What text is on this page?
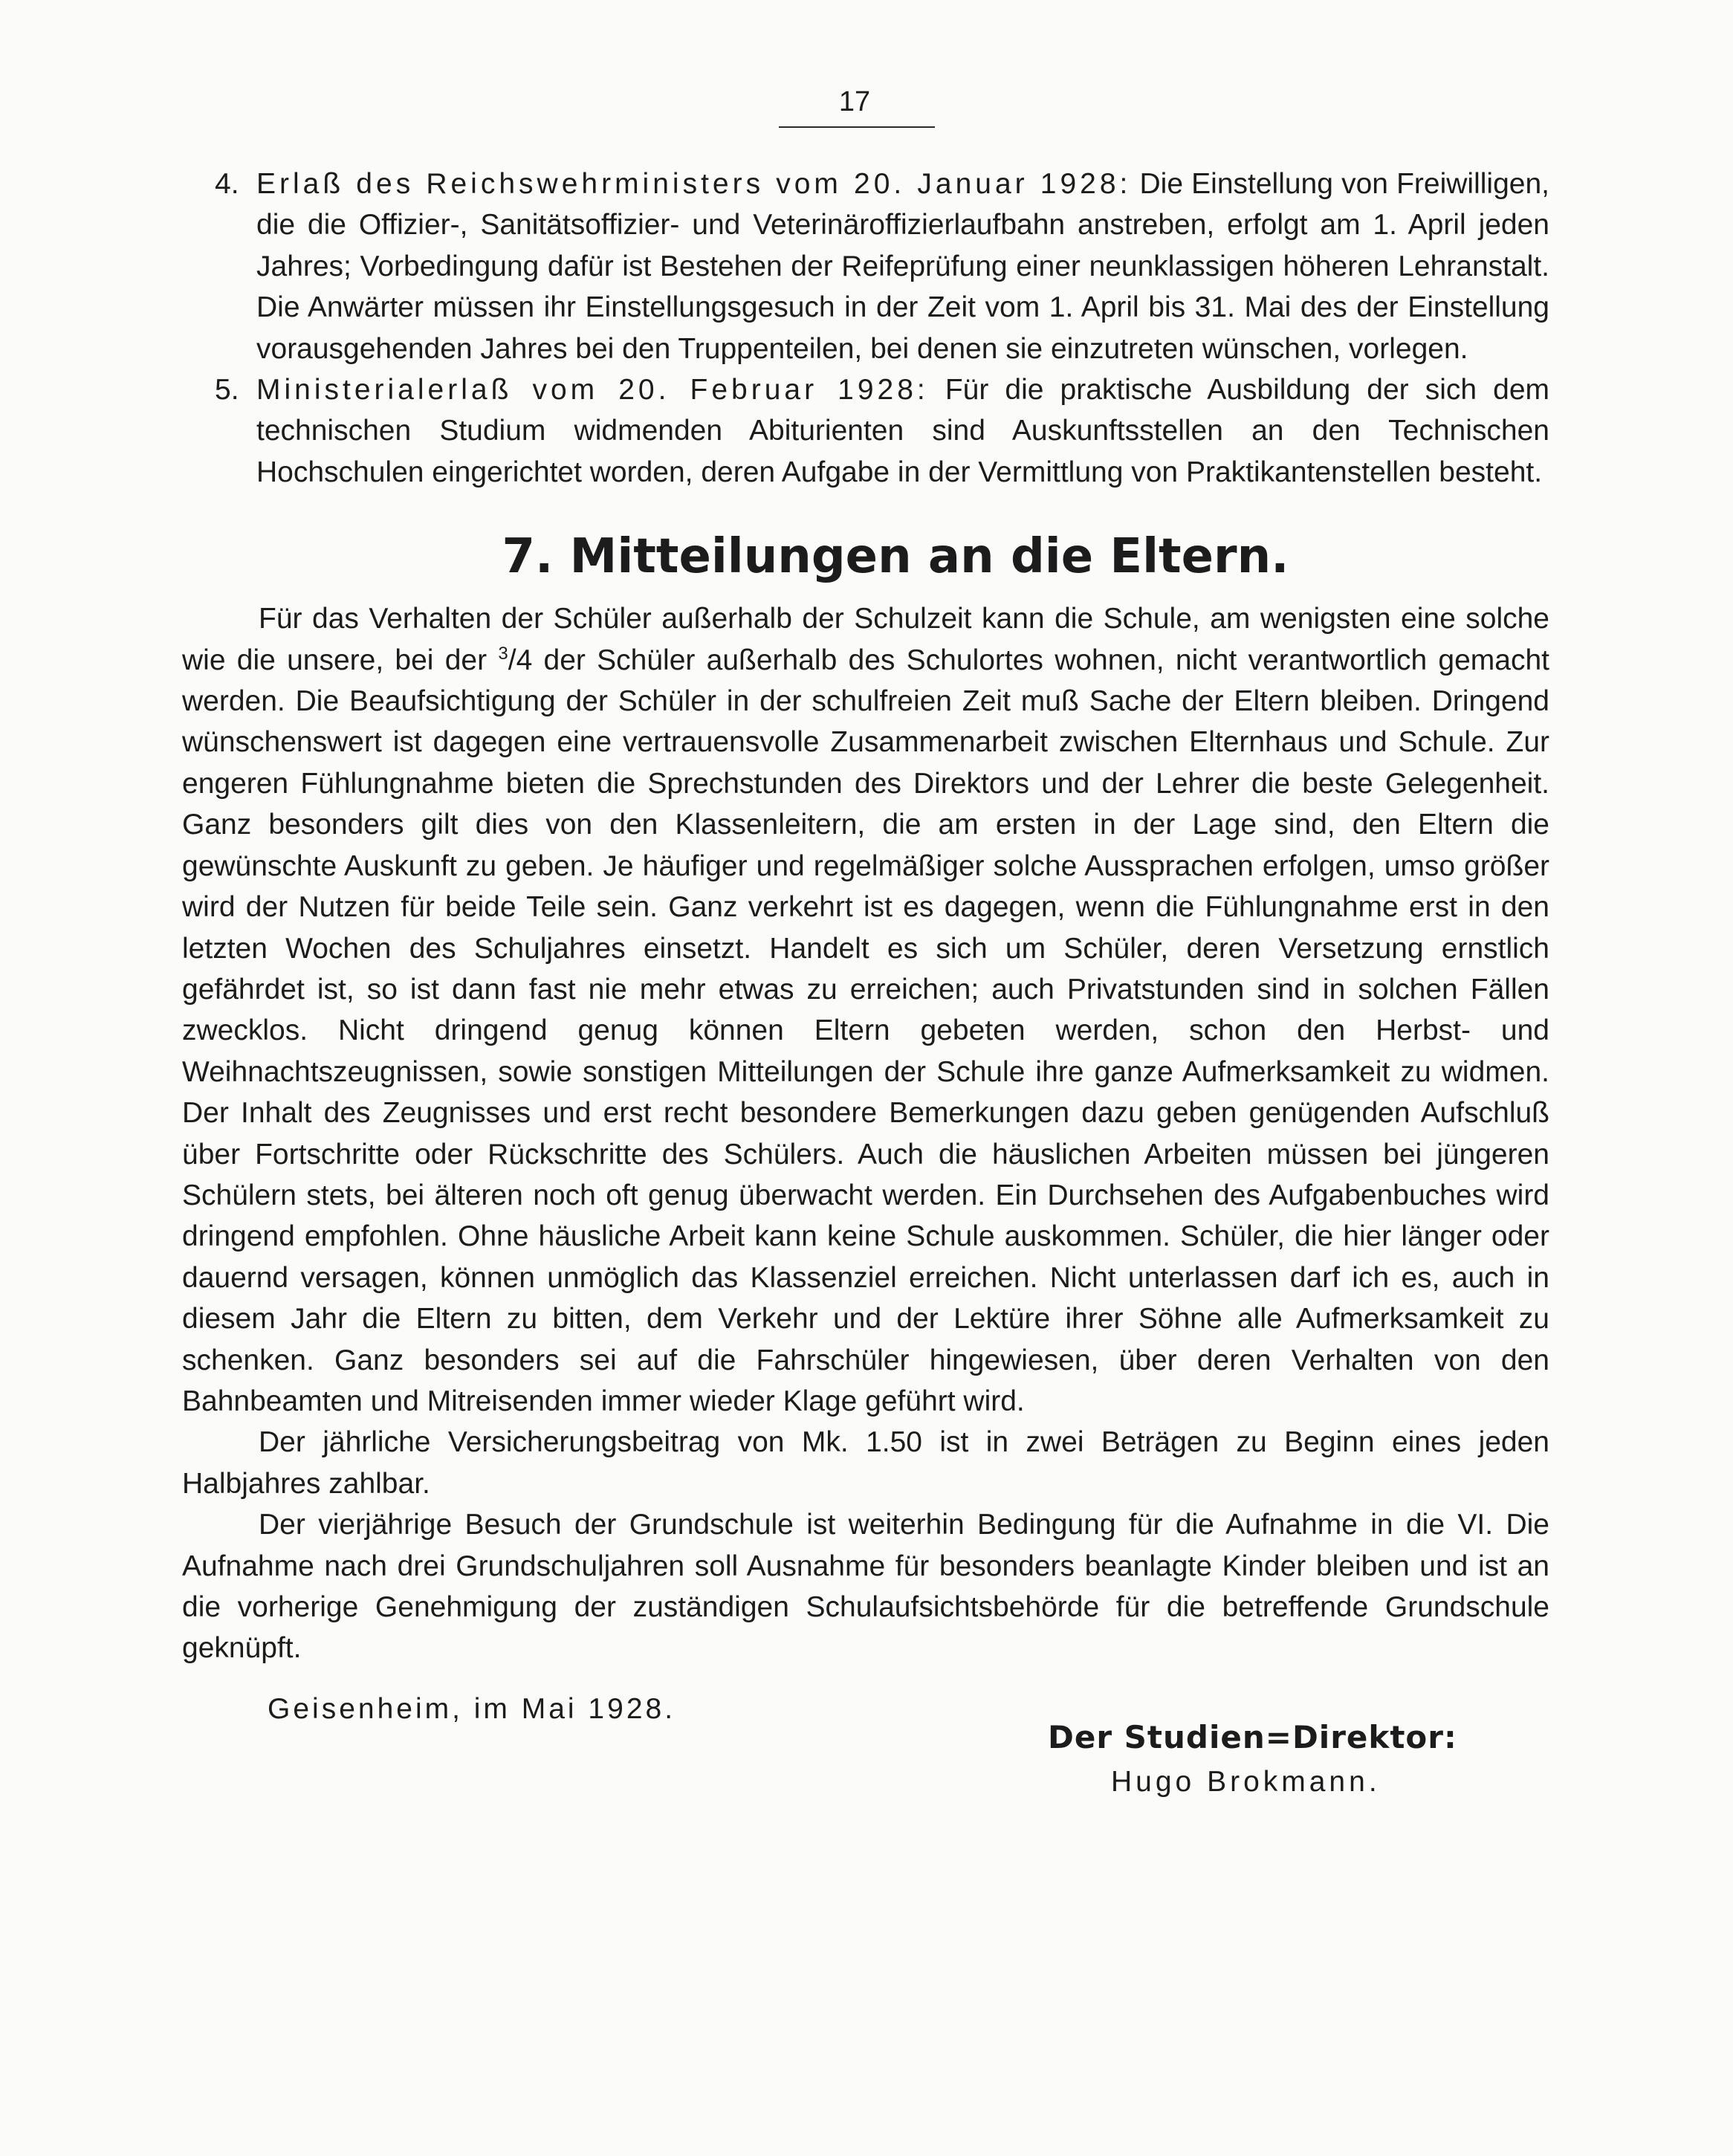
17

4. Erlaß des Reichswehrministers vom 20. Januar 1928: Die Einstellung von Freiwilligen, die die Offizier-, Sanitätsoffizier- und Veterinäroffizierlaufbahn anstreben, erfolgt am 1. April jeden Jahres; Vorbedingung dafür ist Bestehen der Reifeprüfung einer neunklassigen höheren Lehranstalt. Die Anwärter müssen ihr Einstellungsgesuch in der Zeit vom 1. April bis 31. Mai des der Einstellung vorausgehenden Jahres bei den Truppenteilen, bei denen sie einzutreten wünschen, vorlegen.

5. Ministerialerlaß vom 20. Februar 1928: Für die praktische Ausbildung der sich dem technischen Studium widmenden Abiturienten sind Auskunftsstellen an den Technischen Hochschulen eingerichtet worden, deren Aufgabe in der Vermittlung von Praktikantenstellen besteht.

7. Mitteilungen an die Eltern.

Für das Verhalten der Schüler außerhalb der Schulzeit kann die Schule, am wenigsten eine solche wie die unsere, bei der $^3$/4 der Schüler außerhalb des Schulortes wohnen, nicht verantwortlich gemacht werden. Die Beaufsichtigung der Schüler in der schulfreien Zeit muß Sache der Eltern bleiben. Dringend wünschenswert ist dagegen eine vertrauensvolle Zusammenarbeit zwischen Elternhaus und Schule. Zur engeren Fühlungnahme bieten die Sprechstunden des Direktors und der Lehrer die beste Gelegenheit. Ganz besonders gilt dies von den Klassenleitern, die am ersten in der Lage sind, den Eltern die gewünschte Auskunft zu geben. Je häufiger und regelmäßiger solche Aussprachen erfolgen, umso größer wird der Nutzen für beide Teile sein. Ganz verkehrt ist es dagegen, wenn die Fühlungnahme erst in den letzten Wochen des Schuljahres einsetzt. Handelt es sich um Schüler, deren Versetzung ernstlich gefährdet ist, so ist dann fast nie mehr etwas zu erreichen; auch Privatstunden sind in solchen Fällen zwecklos. Nicht dringend genug können Eltern gebeten werden, schon den Herbst- und Weihnachtszeugnissen, sowie sonstigen Mitteilungen der Schule ihre ganze Aufmerksamkeit zu widmen. Der Inhalt des Zeugnisses und erst recht besondere Bemerkungen dazu geben genügenden Aufschluß über Fortschritte oder Rückschritte des Schülers. Auch die häuslichen Arbeiten müssen bei jüngeren Schülern stets, bei älteren noch oft genug überwacht werden. Ein Durchsehen des Aufgabenbuches wird dringend empfohlen. Ohne häusliche Arbeit kann keine Schule auskommen. Schüler, die hier länger oder dauernd versagen, können unmöglich das Klassenziel erreichen. Nicht unterlassen darf ich es, auch in diesem Jahr die Eltern zu bitten, dem Verkehr und der Lektüre ihrer Söhne alle Aufmerksamkeit zu schenken. Ganz besonders sei auf die Fahrschüler hingewiesen, über deren Verhalten von den Bahnbeamten und Mitreisenden immer wieder Klage geführt wird.

Der jährliche Versicherungsbeitrag von Mk. 1.50 ist in zwei Beträgen zu Beginn eines jeden Halbjahres zahlbar.

Der vierjährige Besuch der Grundschule ist weiterhin Bedingung für die Aufnahme in die VI. Die Aufnahme nach drei Grundschuljahren soll Ausnahme für besonders beanlagte Kinder bleiben und ist an die vorherige Genehmigung der zuständigen Schulaufsichtsbehörde für die betreffende Grundschule geknüpft.

Geisenheim, im Mai 1928.
Der Studien=Direktor:
Hugo Brokmann.
